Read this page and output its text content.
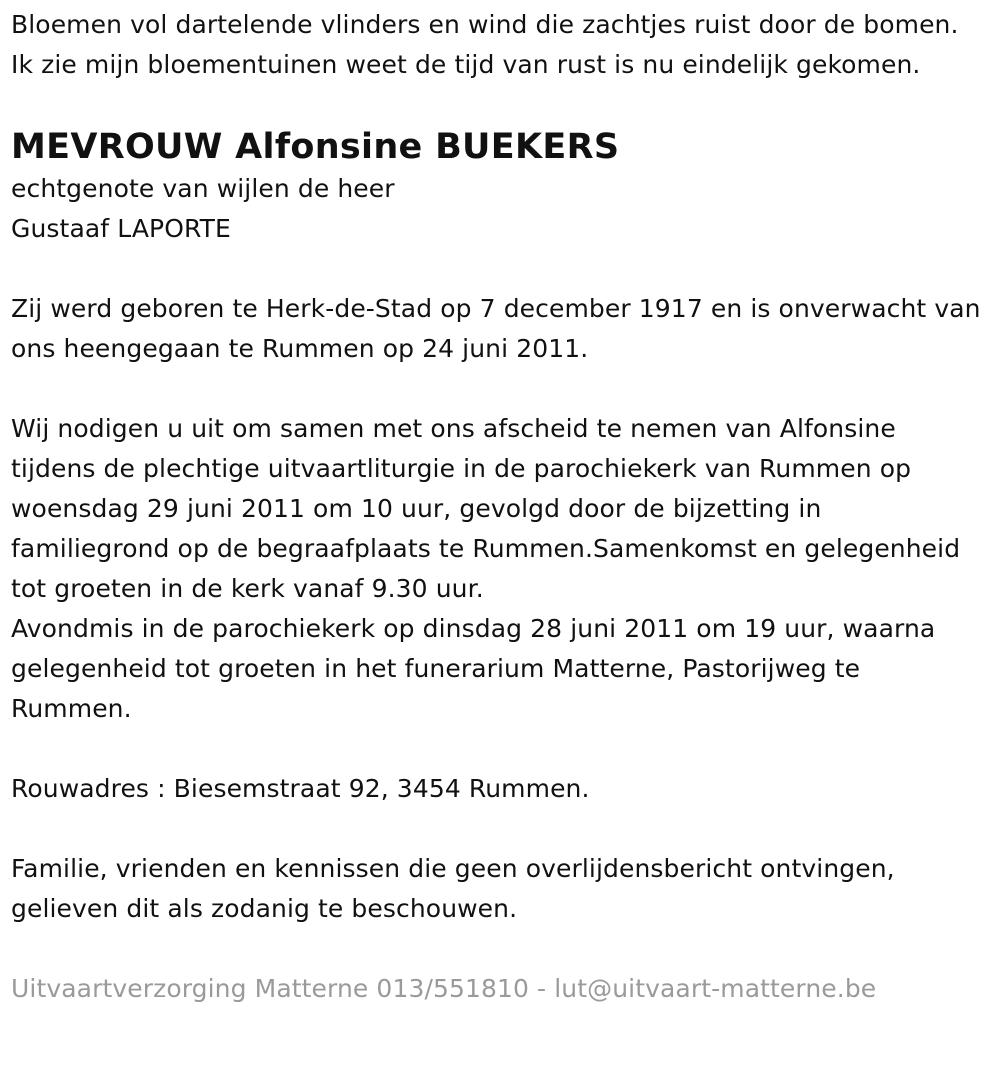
Bloemen vol dartelende vlinders en wind die zachtjes ruist door de bomen. Ik zie mijn bloementuinen weet de tijd van rust is nu eindelijk gekomen.

MEVROUW Alfonsine BUEKERS

echtgenote van wijlen de heer

Gustaaf LAPORTE

Zij werd geboren te Herk-de-Stad op 7 december 1917 en is onverwacht van ons heengegaan te Rummen op 24 juni 2011.

Wij nodigen u uit om samen met ons afscheid te nemen van Alfonsine tijdens de plechtige uitvaartliturgie in de parochiekerk van Rummen op woensdag 29 juni 2011 om 10 uur, gevolgd door de bijzetting in familiegrond op de begraafplaats te Rummen.Samenkomst en gelegenheid tot groeten in de kerk vanaf 9.30 uur.

Avondmis in de parochiekerk op dinsdag 28 juni 2011 om 19 uur, waarna gelegenheid tot groeten in het funerarium Matterne, Pastorijweg te Rummen.

Rouwadres : Biesemstraat 92, 3454 Rummen.

Familie, vrienden en kennissen die geen overlijdensbericht ontvingen, gelieven dit als zodanig te beschouwen.

Uitvaartverzorging Matterne 013/551810 - lut@uitvaart-matterne.be
